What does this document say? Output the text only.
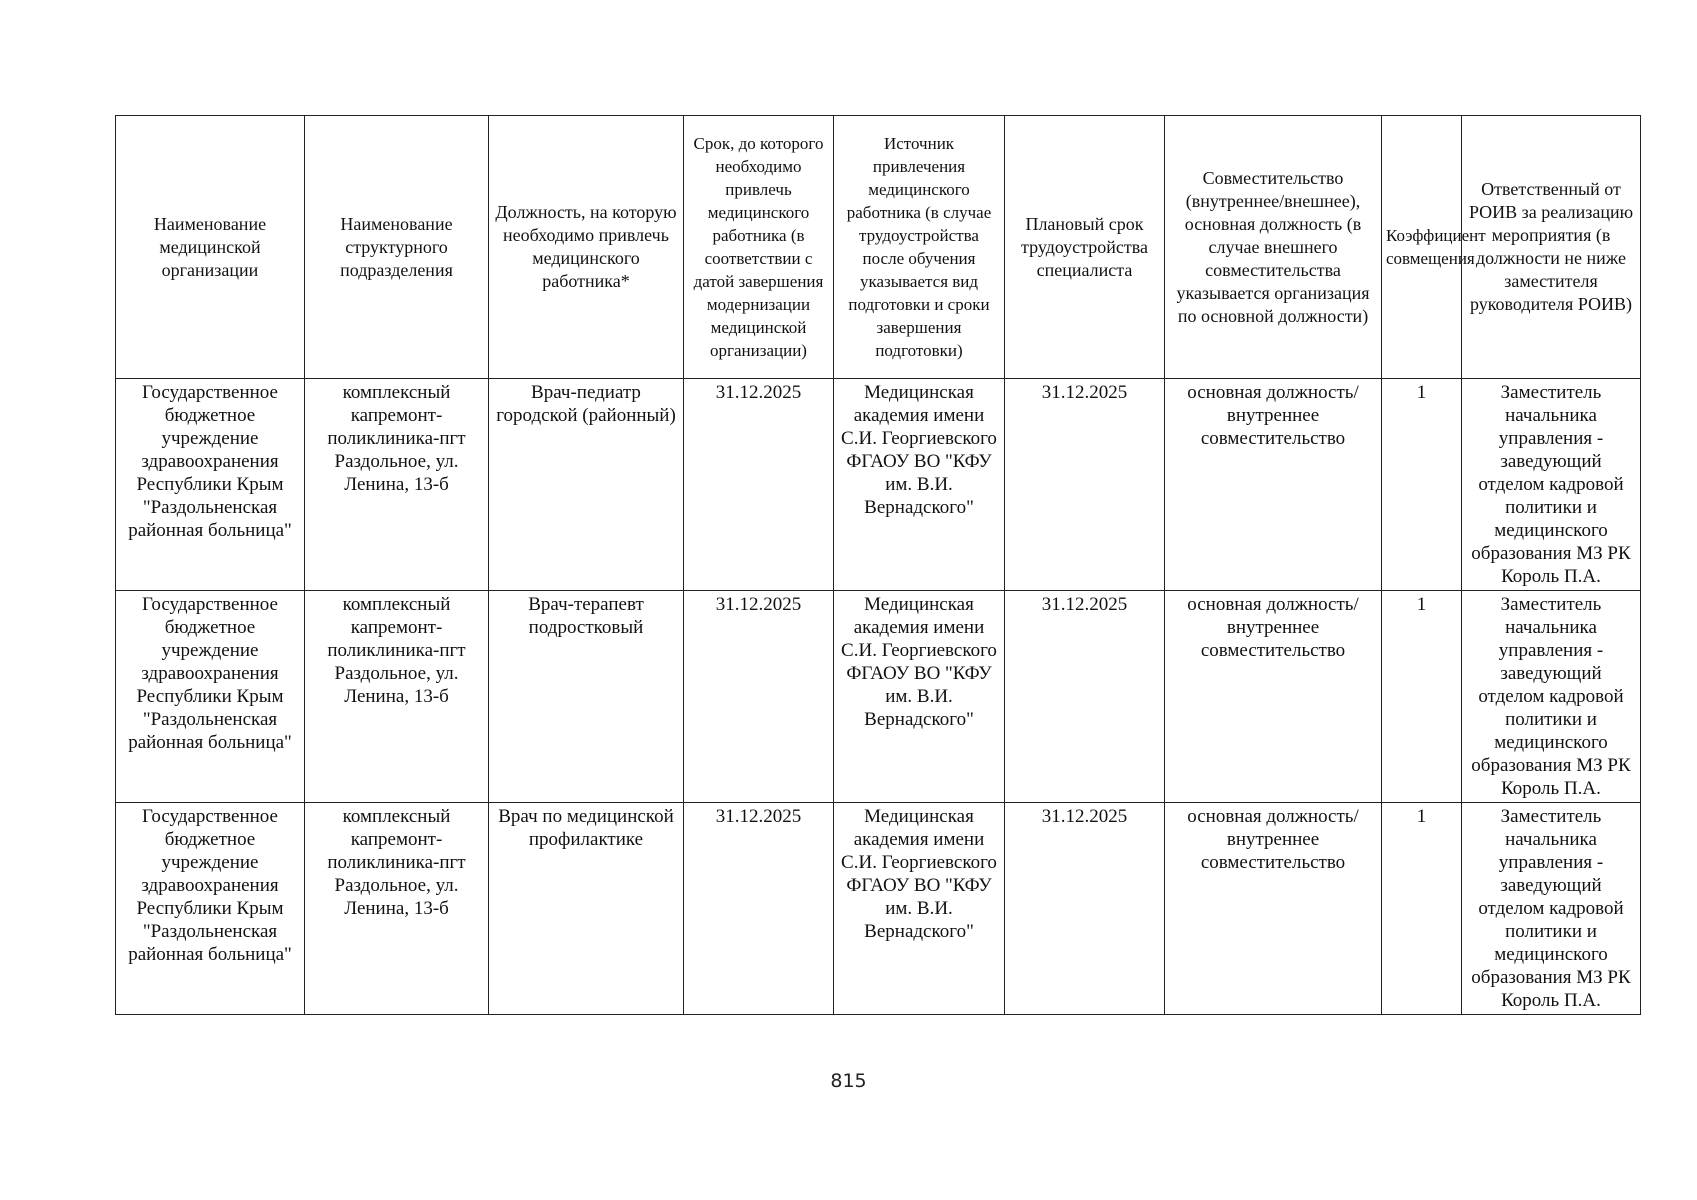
Наименование медицинской организации	Наименование структурного подразделения	Должность, на которую необходимо привлечь медицинского работника*	Срок, до которого необходимо привлечь медицинского работника (в соответствии с датой завершения модернизации медицинской организации)	Источник привлечения медицинского работника (в случае трудоустройства после обучения указывается вид подготовки и сроки завершения подготовки)	Плановый срок трудоустройства специалиста	Совместительство (внутреннее/внешнее), основная должность (в случае внешнего совместительства указывается организация по основной должности)	Коэффициент совмещения	Ответственный от РОИВ за реализацию мероприятия (в должности не ниже заместителя руководителя РОИВ)
Государственное бюджетное учреждение здравоохранения Республики Крым "Раздольненская районная больница"	комплексный капремонт-поликлиника-пгт Раздольное, ул. Ленина, 13-б	Врач-педиатр городской (районный)	31.12.2025	Медицинская академия имени С.И. Георгиевского ФГАОУ ВО "КФУ им. В.И. Вернадского"	31.12.2025	основная должность/ внутреннее совместительство	1	Заместитель начальника управления - заведующий отделом кадровой политики и медицинского образования МЗ РК Король П.А.
Государственное бюджетное учреждение здравоохранения Республики Крым "Раздольненская районная больница"	комплексный капремонт-поликлиника-пгт Раздольное, ул. Ленина, 13-б	Врач-терапевт подростковый	31.12.2025	Медицинская академия имени С.И. Георгиевского ФГАОУ ВО "КФУ им. В.И. Вернадского"	31.12.2025	основная должность/ внутреннее совместительство	1	Заместитель начальника управления - заведующий отделом кадровой политики и медицинского образования МЗ РК Король П.А.
Государственное бюджетное учреждение здравоохранения Республики Крым "Раздольненская районная больница"	комплексный капремонт-поликлиника-пгт Раздольное, ул. Ленина, 13-б	Врач по медицинской профилактике	31.12.2025	Медицинская академия имени С.И. Георгиевского ФГАОУ ВО "КФУ им. В.И. Вернадского"	31.12.2025	основная должность/ внутреннее совместительство	1	Заместитель начальника управления - заведующий отделом кадровой политики и медицинского образования МЗ РК Король П.А.
815
